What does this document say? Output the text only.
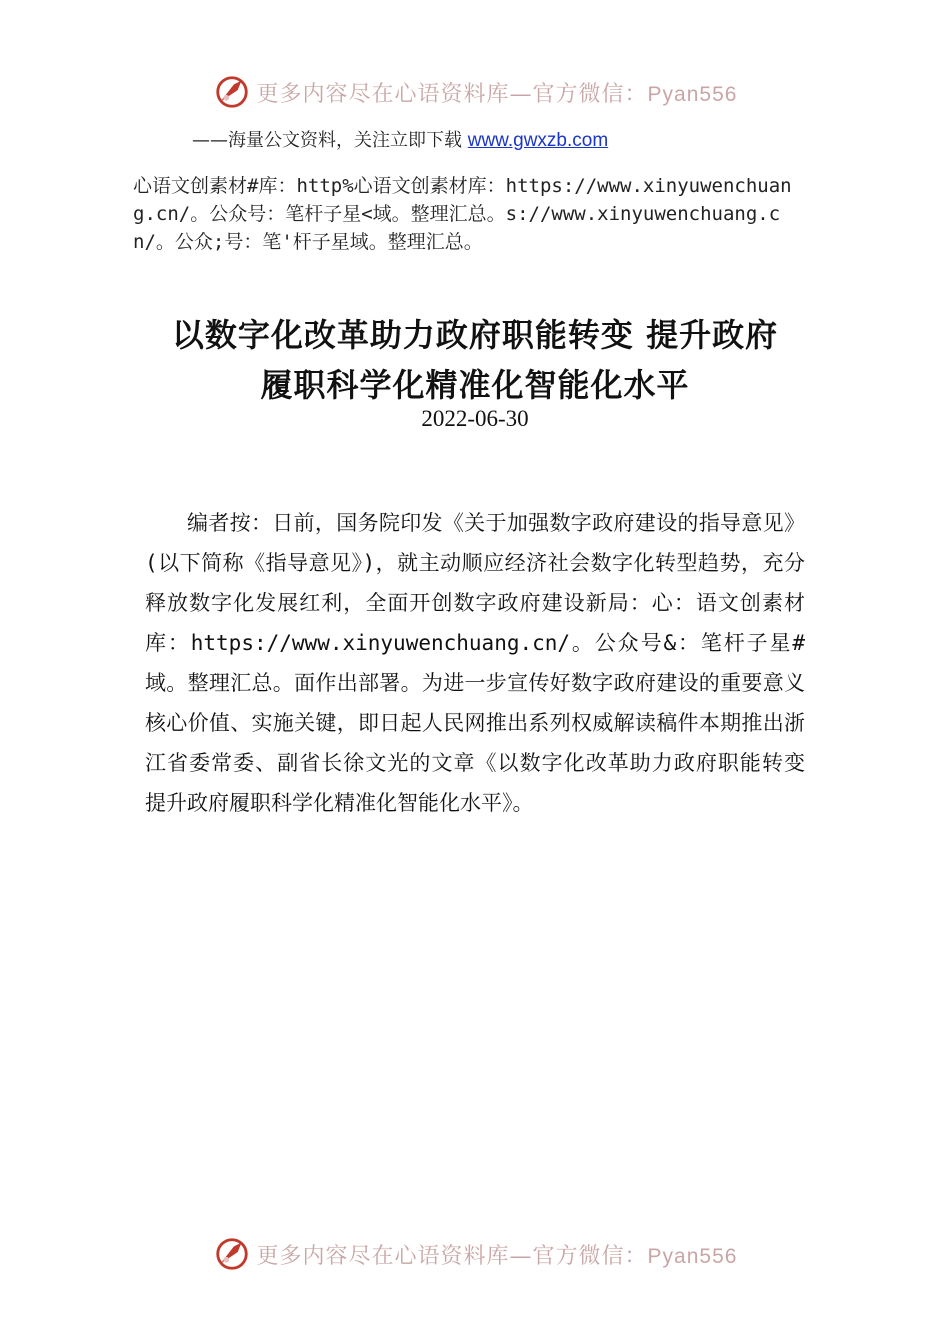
更多内容尽在心语资料库—官方微信：Pyan556
——海量公文资料，关注立即下载 www.gwxzb.com
心语文创素材#库：http%心语文创素材库：https://www.xinyuwenchuang.cn/。公众号：笔杆子星<域。整理汇总。s://www.xinyuwenchuang.cn/。公众;号：笔'杆子星域。整理汇总。
以数字化改革助力政府职能转变 提升政府
履职科学化精准化智能化水平
2022-06-30
编者按：日前，国务院印发《关于加强数字政府建设的指导意见》(以下简称《指导意见》)，就主动顺应经济社会数字化转型趋势，充分释放数字化发展红利，全面开创数字政府建设新局：心：语文创素材库：https://www.xinyuwenchuang.cn/。公众号&：笔杆子星#域。整理汇总。面作出部署。为进一步宣传好数字政府建设的重要意义核心价值、实施关键，即日起人民网推出系列权威解读稿件本期推出浙江省委常委、副省长徐文光的文章《以数字化改革助力政府职能转变 提升政府履职科学化精准化智能化水平》。
更多内容尽在心语资料库—官方微信：Pyan556
